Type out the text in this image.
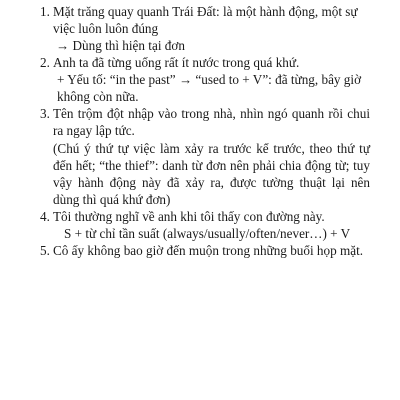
1. Mặt trăng quay quanh Trái Đất: là một hành động, một sự việc luôn luôn đúng
→ Dùng thì hiện tại đơn
2. Anh ta đã từng uống rất ít nước trong quá khứ.
+ Yếu tố: “in the past” → “used to + V”: đã từng, bây giờ không còn nữa.
3. Tên trộm đột nhập vào trong nhà, nhìn ngó quanh rồi chui ra ngay lập tức.
(Chú ý thứ tự việc làm xảy ra trước kể trước, theo thứ tự đến hết; “the thief”: danh từ đơn nên phải chia động từ; tuy vậy hành động này đã xảy ra, được tường thuật lại nên dùng thì quá khứ đơn)
4. Tôi thường nghĩ về anh khi tôi thấy con đường này.
S + từ chỉ tần suất (always/usually/often/never…) + V
5. Cô ấy không bao giờ đến muộn trong những buổi họp mặt.
